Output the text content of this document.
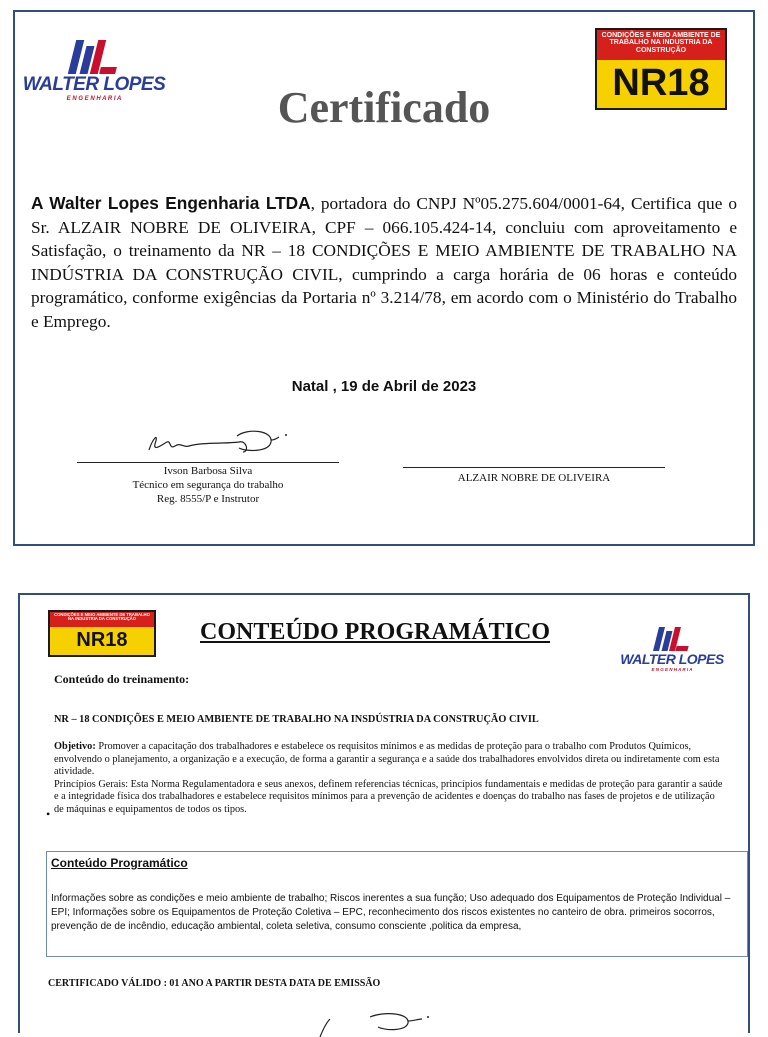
WALTER LOPES
E N G E N H A R I A
CONDIÇÕES E MEIO AMBIENTE DE TRABALHO NA INDUSTRIA DA CONSTRUÇÃO
NR18
Certificado

A Walter Lopes Engenharia LTDA, portadora do CNPJ Nº05.275.604/0001-64, Certifica que o Sr. ALZAIR NOBRE DE OLIVEIRA, CPF – 066.105.424-14, concluiu com aproveitamento e Satisfação, o treinamento da NR – 18 CONDIÇÕES E MEIO AMBIENTE DE TRABALHO NA INDÚSTRIA DA CONSTRUÇÃO CIVIL, cumprindo a carga horária de 06 horas e conteúdo programático, conforme exigências da Portaria nº 3.214/78, em acordo com o Ministério do Trabalho e Emprego.

Natal , 19 de Abril de 2023
Ivson Barbosa Silva
Técnico em segurança do trabalho
Reg. 8555/P e Instrutor
ALZAIR NOBRE DE OLIVEIRA
CONDIÇÕES E MEIO AMBIENTE DE TRABALHO NA INDUSTRIA DA CONSTRUÇÃO
NR18	CONTEÚDO PROGRAMÁTICO
WALTER LOPES
E N G E N H A R I A
Conteúdo do treinamento:
NR – 18 CONDIÇÕES E MEIO AMBIENTE DE TRABALHO NA INSDÚSTRIA DA CONSTRUÇÃO CIVIL
Objetivo: Promover a capacitação dos trabalhadores e estabelece os requisitos mínimos e as medidas de proteção para o trabalho com Produtos Químicos, envolvendo o planejamento, a organização e a execução, de forma a garantir a segurança e a saúde dos trabalhadores envolvidos direta ou indiretamente com esta atividade.
Princípios Gerais: Esta Norma Regulamentadora e seus anexos, definem referencias técnicas, princípios fundamentais e medidas de proteção para garantir a saúde e a integridade física dos trabalhadores e estabelece requisitos mínimos para a prevenção de acidentes e doenças do trabalho nas fases de projetos e de utilização de máquinas e equipamentos de todos os tipos.
•
Conteúdo Programático
Informações sobre as condições e meio ambiente de trabalho; Riscos inerentes a sua função; Uso adequado dos Equipamentos de Proteção Individual – EPI; Informações sobre os Equipamentos de Proteção Coletiva – EPC, reconhecimento dos riscos existentes no canteiro de obra. primeiros socorros, prevenção de de incêndio, educação ambiental, coleta seletiva, consumo consciente ,politica da empresa,
CERTIFICADO VÁLIDO : 01 ANO A PARTIR DESTA DATA DE EMISSÃO
